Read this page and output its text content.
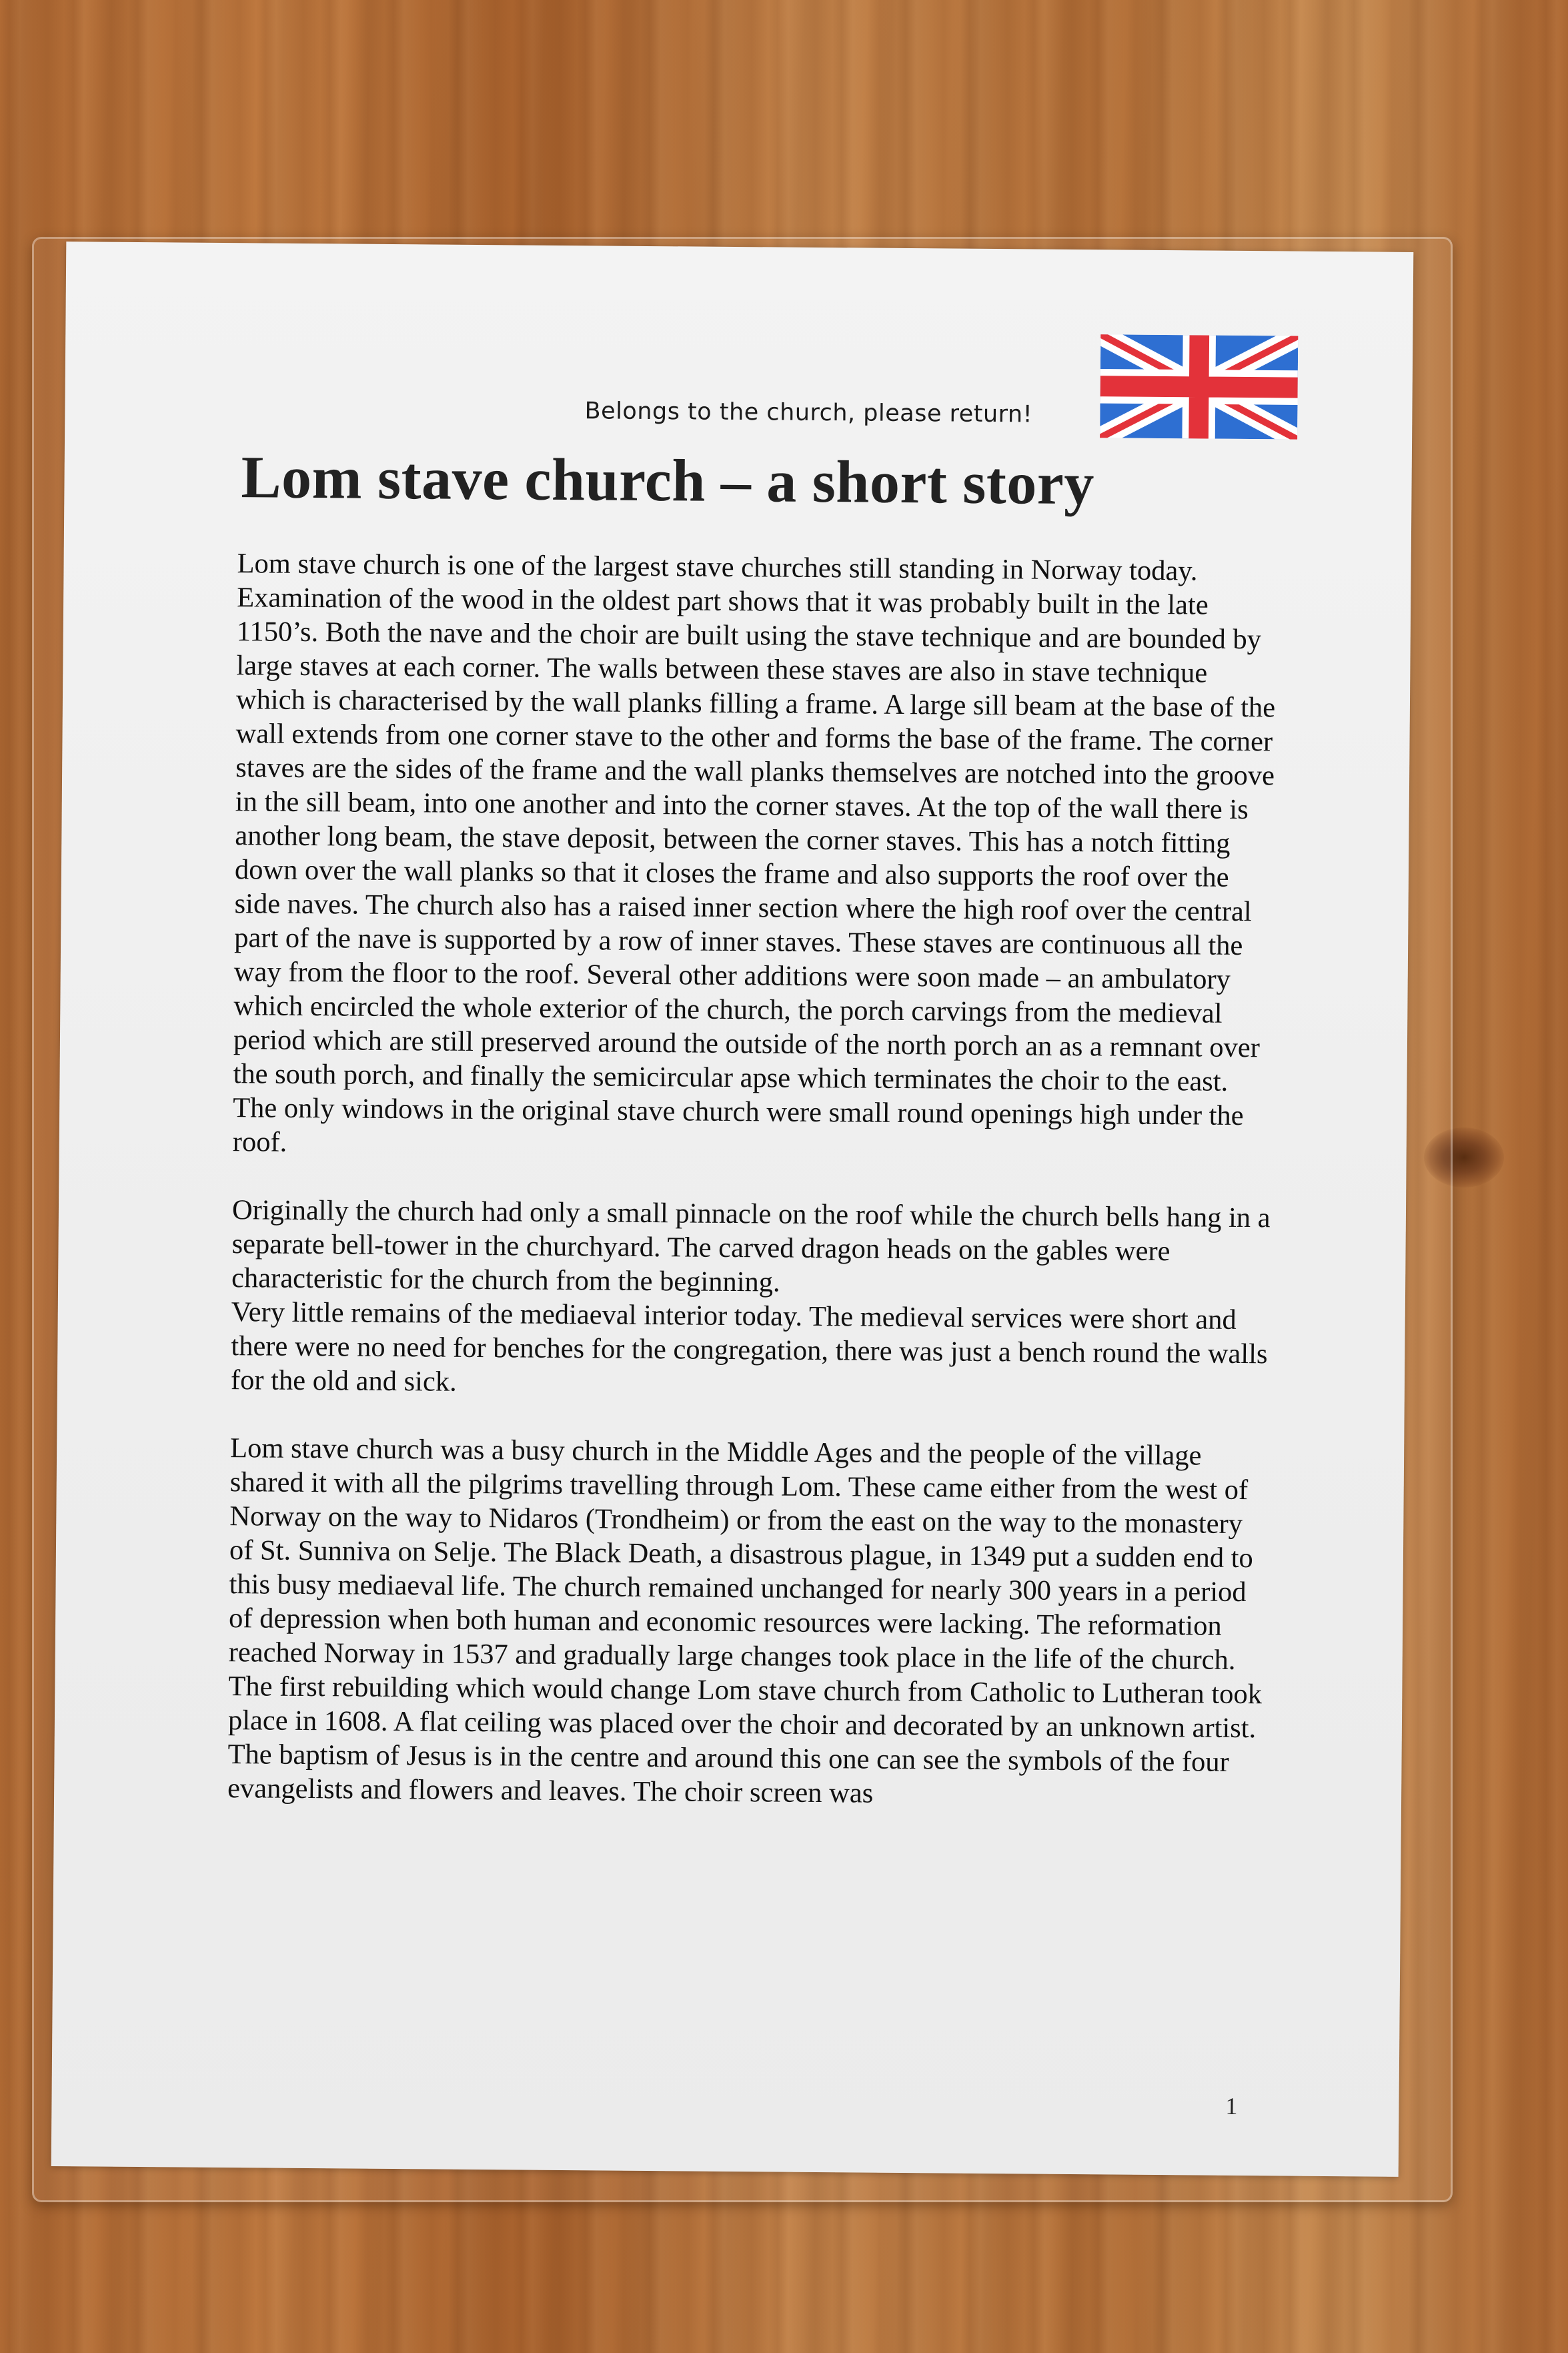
Belongs to the church, please return!
Lom stave church – a short story

Lom stave church is one of the largest stave churches still standing in Norway today. Examination of the wood in the oldest part shows that it was probably built in the late 1150’s. Both the nave and the choir are built using the stave technique and are bounded by large staves at each corner. The walls between these staves are also in stave technique which is characterised by the wall planks filling a frame. A large sill beam at the base of the wall extends from one corner stave to the other and forms the base of the frame. The corner staves are the sides of the frame and the wall planks themselves are notched into the groove in the sill beam, into one another and into the corner staves. At the top of the wall there is another long beam, the stave deposit, between the corner staves. This has a notch fitting down over the wall planks so that it closes the frame and also supports the roof over the side naves. The church also has a raised inner section where the high roof over the central part of the nave is supported by a row of inner staves. These staves are continuous all the way from the floor to the roof. Several other additions were soon made – an ambulatory which encircled the whole exterior of the church, the porch carvings from the medieval period which are still preserved around the outside of the north porch an as a remnant over the south porch, and finally the semicircular apse which terminates the choir to the east. The only windows in the original stave church were small round openings high under the roof.

Originally the church had only a small pinnacle on the roof while the church bells hang in a separate bell-tower in the churchyard. The carved dragon heads on the gables were characteristic for the church from the beginning.

Very little remains of the mediaeval interior today. The medieval services were short and there were no need for benches for the congregation, there was just a bench round the walls for the old and sick.

Lom stave church was a busy church in the Middle Ages and the people of the village shared it with all the pilgrims travelling through Lom. These came either from the west of Norway on the way to Nidaros (Trondheim) or from the east on the way to the monastery of St. Sunniva on Selje. The Black Death, a disastrous plague, in 1349 put a sudden end to this busy mediaeval life. The church remained unchanged for nearly 300 years in a period of depression when both human and economic resources were lacking. The reformation reached Norway in 1537 and gradually large changes took place in the life of the church. The first rebuilding which would change Lom stave church from Catholic to Lutheran took place in 1608. A flat ceiling was placed over the choir and decorated by an unknown artist. The baptism of Jesus is in the centre and around this one can see the symbols of the four evangelists and flowers and leaves. The choir screen was

1
